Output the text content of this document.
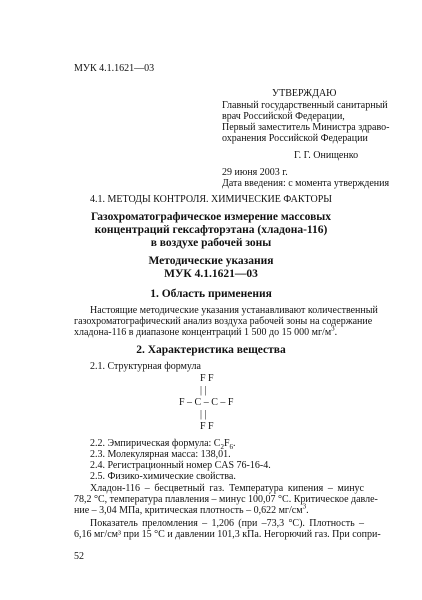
МУК 4.1.1621—03
УТВЕРЖДАЮ
Главный государственный санитарный
врач Российской Федерации,
Первый заместитель Министра здраво-
охранения Российской Федерации
Г. Г. Онищенко
29 июня 2003 г.
Дата введения: с момента утверждения
4.1. МЕТОДЫ КОНТРОЛЯ. ХИМИЧЕСКИЕ ФАКТОРЫ
Газохроматографическое измерение массовых
концентраций гексафторэтана (хладона-116)
в воздухе рабочей зоны
Методические указания
МУК 4.1.1621—03
1. Область применения
Настоящие методические указания устанавливают количественный
газохроматографический анализ воздуха рабочей зоны на содержание
хладона-116 в диапазоне концентраций 1 500 до 15 000 $мг/м^3$.
2. Характеристика вещества
2.1. Структурная формула
F F
| |
F – C – C – F
| |
F F
2.2. Эмпирическая формула: $C_2F_6$.
2.3. Молекулярная масса: 138,01.
2.4. Регистрационный номер CAS 76-16-4.
2.5. Физико-химические свойства.
Хладон-116 – бесцветный газ. Температура кипения – минус
78,2 °С, температура плавления – минус 100,07 °С. Критическое давле-
ние – 3,04 МПа, критическая плотность – 0,622 $мг/см^3$.
Показатель преломления – 1,206 (при –73,3 °С). Плотность –
6,16 мг/см³ при 15 °С и давлении 101,3 кПа. Негорючий газ. При сопри-
52
